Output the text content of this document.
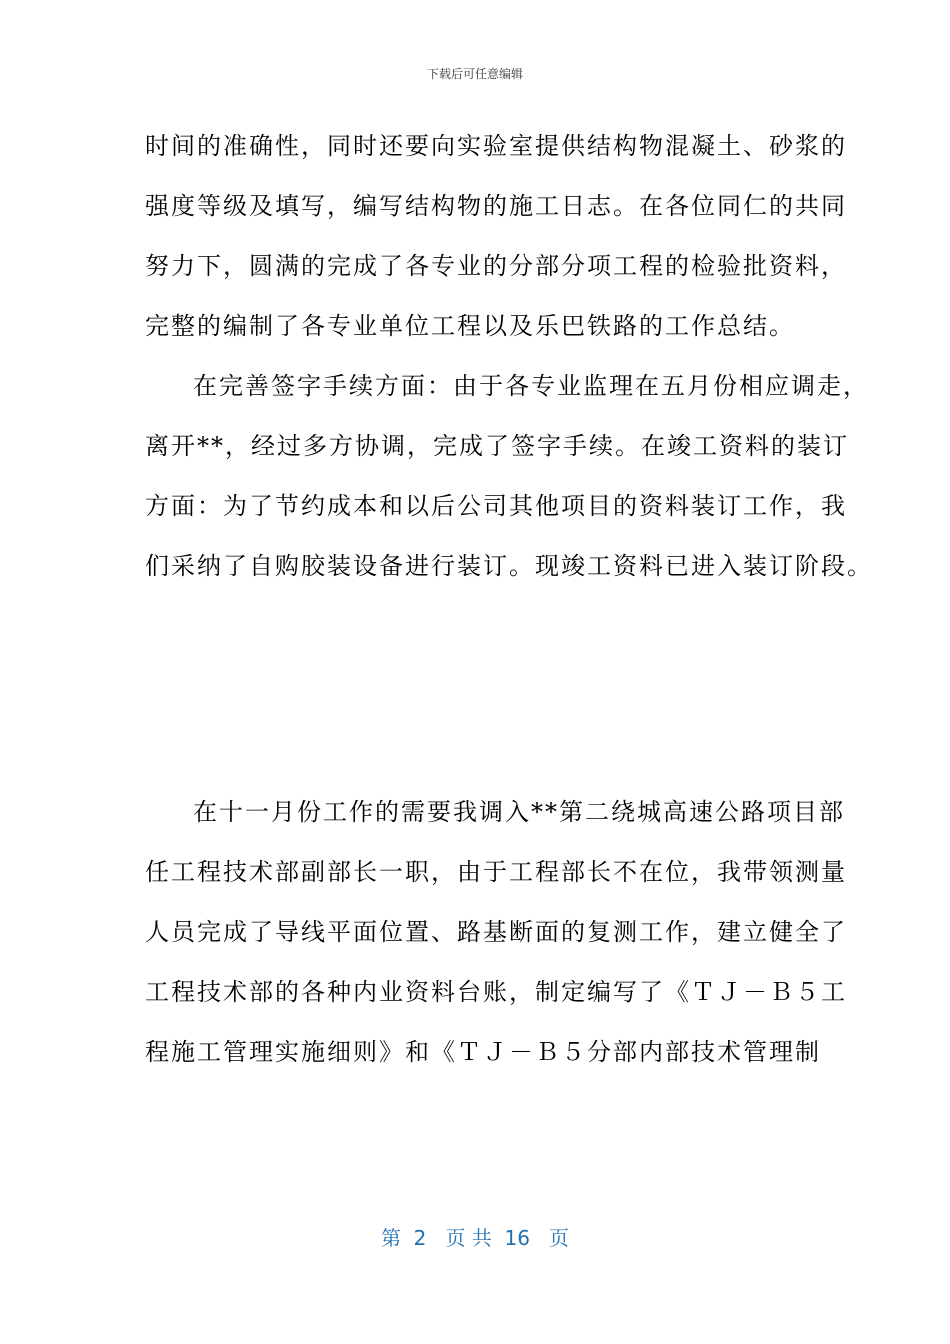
下载后可任意编辑
时间的准确性，同时还要向实验室提供结构物混凝土、砂浆的
强度等级及填写，编写结构物的施工日志。在各位同仁的共同
努力下，圆满的完成了各专业的分部分项工程的检验批资料，
完整的编制了各专业单位工程以及乐巴铁路的工作总结。
在完善签字手续方面：由于各专业监理在五月份相应调走，
离开**，经过多方协调，完成了签字手续。在竣工资料的装订
方面：为了节约成本和以后公司其他项目的资料装订工作，我
们采纳了自购胶装设备进行装订。现竣工资料已进入装订阶段。
在十一月份工作的需要我调入**第二绕城高速公路项目部
任工程技术部副部长一职，由于工程部长不在位，我带领测量
人员完成了导线平面位置、路基断面的复测工作，建立健全了
工程技术部的各种内业资料台账，制定编写了《ＴＪ－Ｂ５工
程施工管理实施细则》和《ＴＪ－Ｂ５分部内部技术管理制
第  2   页 共  16   页
